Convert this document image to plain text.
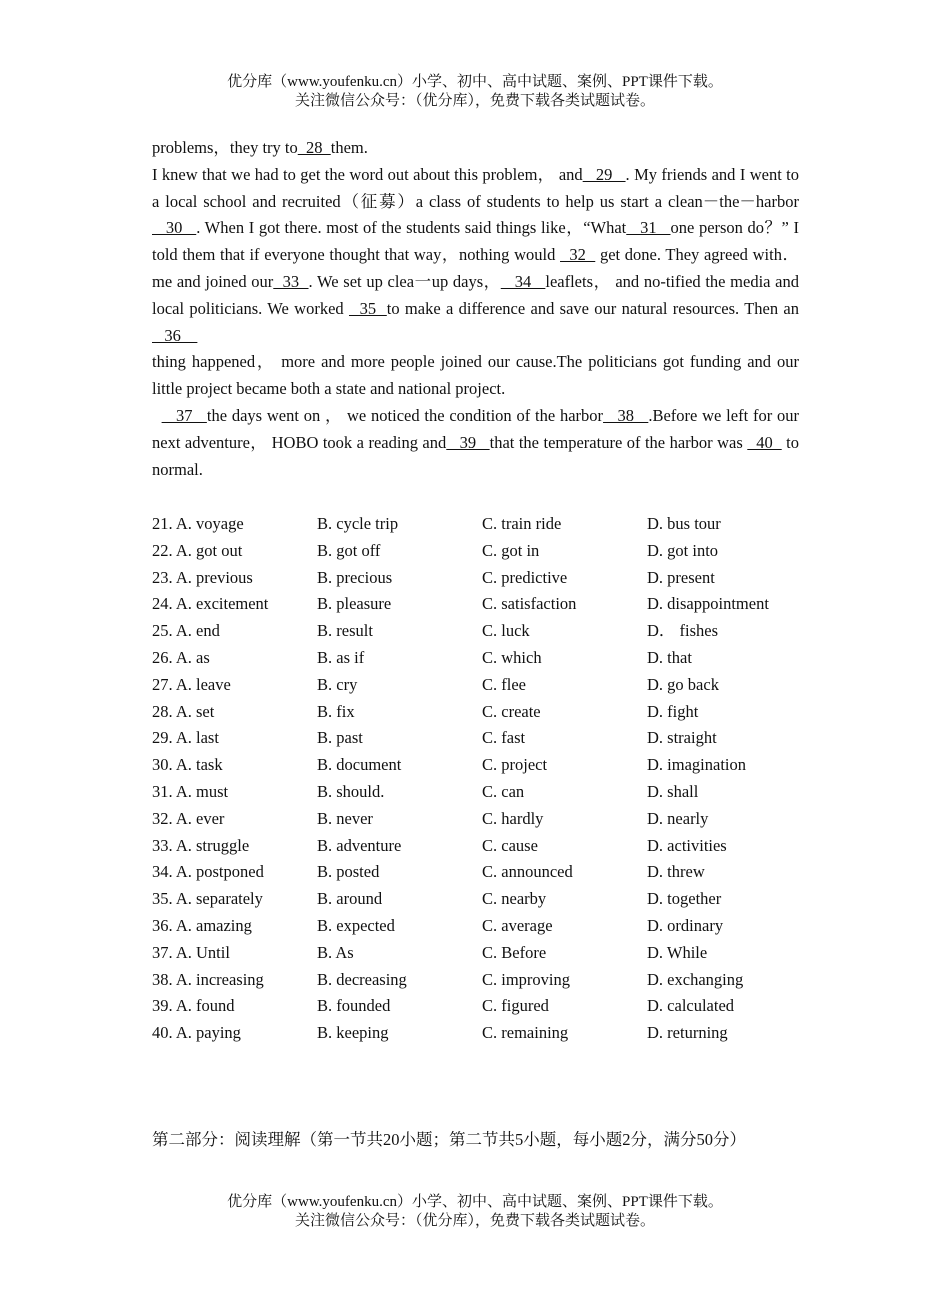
优分库（www.youfenku.cn）小学、初中、高中试题、案例、PPT课件下载。
关注微信公众号：（优分库），免费下载各类试题试卷。

problems，they try to  28  them.

I knew that we had to get the word out about this problem， and   29   . My friends and I went to a local school and recruited（征募）a class of students to help us start a clean－the－harbor   30   . When I got there. most of the students said things like，“What   31   one person do？” I told them that if everyone thought that way，nothing would   32   get done. They agreed with．me and joined our  33  . We set up clea一up days，   34   leaflets， and no-tified the media and local politicians. We worked   35  to make a difference and save our natural resources. Then an   36
thing happened， more and more people joined our cause.The politicians got funding and our little project became both a state and national project.

37   the days went on ， we noticed the condition of the harbor   38   .Before we left for our next adventure， HOBO took a reading and   39   that the temperature of the harbor was   40   to normal.

21. A. voyage	B. cycle trip	C. train ride	D. bus tour
22. A. got out	B. got off	C. got in	D. got into
23. A. previous	B. precious	C. predictive	D. present
24. A. excitement	B. pleasure	C. satisfaction	D. disappointment
25. A. end	B. result	C. luck	D． fishes
26. A. as	B. as if	C. which	D. that
27. A. leave	B. cry	C. flee	D. go back
28. A. set	B. fix	C. create	D. fight
29. A. last	B. past	C. fast	D. straight
30. A. task	B. document	C. project	D. imagination
31. A. must	B. should.	C. can	D. shall
32. A. ever	B. never	C. hardly	D. nearly
33. A. struggle	B. adventure	C. cause	D. activities
34. A. postponed	B. posted	C. announced	D. threw
35. A. separately	B. around	C. nearby	D. together
36. A. amazing	B. expected	C. average	D. ordinary
37. A. Until	B. As	C. Before	D. While
38. A. increasing	B. decreasing	C. improving	D. exchanging
39. A. found	B. founded	C. figured	D. calculated
40. A. paying	B. keeping	C. remaining	D. returning
第二部分：阅读理解（第一节共20小题；第二节共5小题，每小题2分，满分50分）
优分库（www.youfenku.cn）小学、初中、高中试题、案例、PPT课件下载。
关注微信公众号：（优分库），免费下载各类试题试卷。
